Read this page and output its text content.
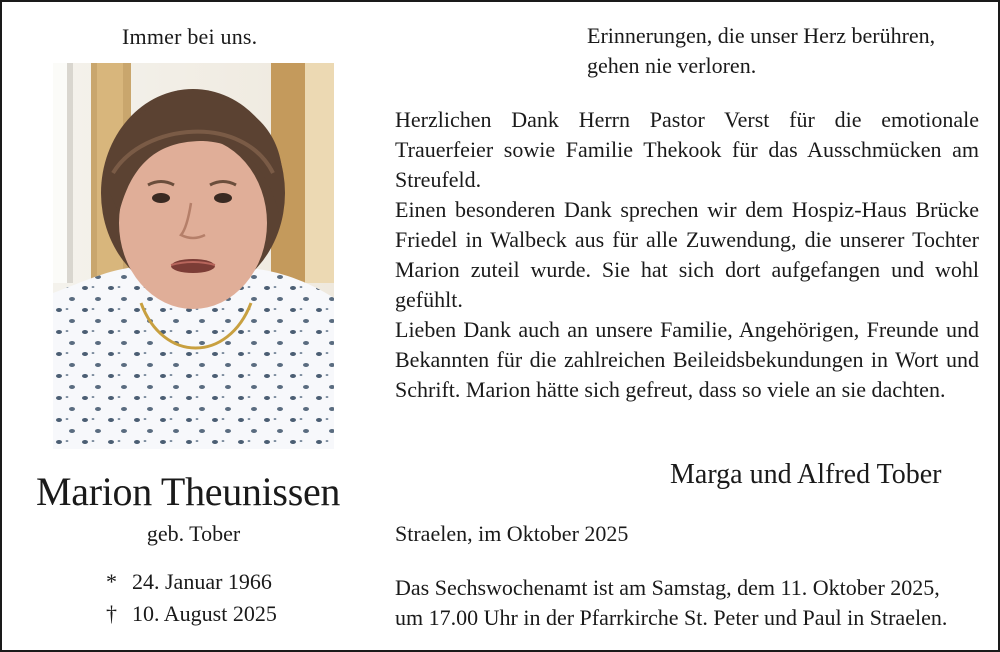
Immer bei uns.
Marion Theunissen
geb. Tober
* 24. Januar 1966
† 10. August 2025
Erinnerungen, die unser Herz berühren,
gehen nie verloren.

Herzlichen Dank Herrn Pastor Verst für die emotionale Trauerfeier sowie Familie Thekook für das Ausschmücken am Streufeld.

Einen besonderen Dank sprechen wir dem Hospiz-Haus Brücke Friedel in Walbeck aus für alle Zuwendung, die unserer Tochter Marion zuteil wurde. Sie hat sich dort aufgefangen und wohl gefühlt.

Lieben Dank auch an unsere Familie, Angehörigen, Freunde und Bekannten für die zahlreichen Beileidsbekundungen in Wort und Schrift. Marion hätte sich gefreut, dass so viele an sie dachten.

Marga und Alfred Tober
Straelen, im Oktober 2025
Das Sechswochenamt ist am Samstag, dem 11. Oktober 2025,
um 17.00 Uhr in der Pfarrkirche St. Peter und Paul in Straelen.
